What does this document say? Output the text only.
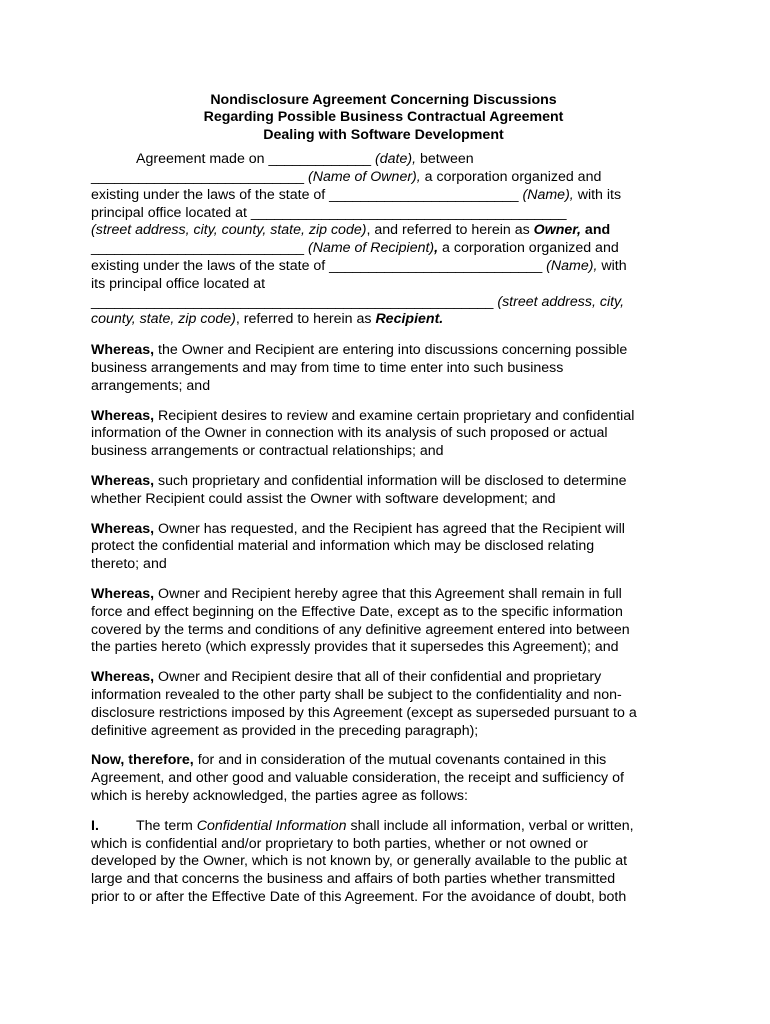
Nondisclosure Agreement Concerning Discussions
Regarding Possible Business Contractual Agreement
Dealing with Software Development
Agreement made on _____________ (date), between
___________________________ (Name of Owner), a corporation organized and
existing under the laws of the state of ________________________ (Name), with its
principal office located at ________________________________________
(street address, city, county, state, zip code), and referred to herein as Owner, and
___________________________ (Name of Recipient), a corporation organized and
existing under the laws of the state of ___________________________ (Name), with
its principal office located at
___________________________________________________ (street address, city,
county, state, zip code), referred to herein as Recipient.
Whereas, the Owner and Recipient are entering into discussions concerning possible
business arrangements and may from time to time enter into such business
arrangements; and
Whereas, Recipient desires to review and examine certain proprietary and confidential
information of the Owner in connection with its analysis of such proposed or actual
business arrangements or contractual relationships; and
Whereas, such proprietary and confidential information will be disclosed to determine
whether Recipient could assist the Owner with software development; and
Whereas, Owner has requested, and the Recipient has agreed that the Recipient will
protect the confidential material and information which may be disclosed relating
thereto; and
Whereas, Owner and Recipient hereby agree that this Agreement shall remain in full
force and effect beginning on the Effective Date, except as to the specific information
covered by the terms and conditions of any definitive agreement entered into between
the parties hereto (which expressly provides that it supersedes this Agreement); and
Whereas, Owner and Recipient desire that all of their confidential and proprietary
information revealed to the other party shall be subject to the confidentiality and non-
disclosure restrictions imposed by this Agreement (except as superseded pursuant to a
definitive agreement as provided in the preceding paragraph);
Now, therefore, for and in consideration of the mutual covenants contained in this
Agreement, and other good and valuable consideration, the receipt and sufficiency of
which is hereby acknowledged, the parties agree as follows:
I.	The term Confidential Information shall include all information, verbal or written,
which is confidential and/or proprietary to both parties, whether or not owned or
developed by the Owner, which is not known by, or generally available to the public at
large and that concerns the business and affairs of both parties whether transmitted
prior to or after the Effective Date of this Agreement. For the avoidance of doubt, both
